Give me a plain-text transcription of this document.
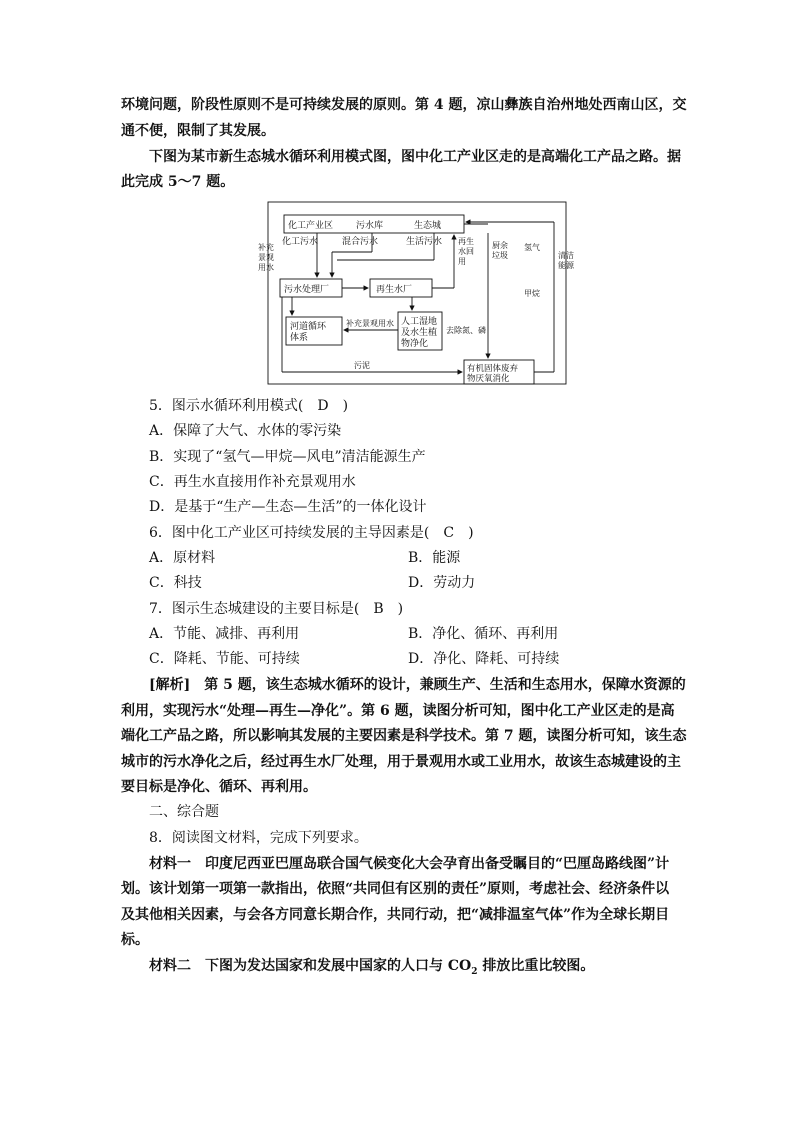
环境问题，阶段性原则不是可持续发展的原则。第 4 题，凉山彝族自治州地处西南山区，交
通不便，限制了其发展。
下图为某市新生态城水循环利用模式图，图中化工产业区走的是高端化工产品之路。据
此完成 5～7 题。
化工产业区	污水库	生态城
化工污水	混合污水	生活污水 再生
水回
用
厨余
垃圾
氢气
甲烷
清洁
能源
补充
景观
用水
污水处理厂	再生水厂
河道循环
体系
补充景观用水 人工湿地
及水生植
物净化
去除氮、磷
污泥	有机固体废弃
物厌氧消化
5．图示水循环利用模式(　D　)
A．保障了大气、水体的零污染
B．实现了“氢气—甲烷—风电”清洁能源生产
C．再生水直接用作补充景观用水
D．是基于“生产—生态—生活”的一体化设计
6．图中化工产业区可持续发展的主导因素是(　C　)
A．原材料	B．能源
C．科技	D．劳动力
7．图示生态城建设的主要目标是(　B　)
A．节能、减排、再利用	B．净化、循环、再利用
C．降耗、节能、可持续	D．净化、降耗、可持续
[解析]　第 5 题，该生态城水循环的设计，兼顾生产、生活和生态用水，保障水资源的
利用，实现污水“处理—再生—净化”。第 6 题，读图分析可知，图中化工产业区走的是高
端化工产品之路，所以影响其发展的主要因素是科学技术。第 7 题，读图分析可知，该生态
城市的污水净化之后，经过再生水厂处理，用于景观用水或工业用水，故该生态城建设的主
要目标是净化、循环、再利用。
二、综合题
8．阅读图文材料，完成下列要求。
材料一　印度尼西亚巴厘岛联合国气候变化大会孕育出备受瞩目的“巴厘岛路线图”计
划。该计划第一项第一款指出，依照“共同但有区别的责任”原则，考虑社会、经济条件以
及其他相关因素，与会各方同意长期合作，共同行动，把“减排温室气体”作为全球长期目
标。
材料二　下图为发达国家和发展中国家的人口与 $CO_2$ 排放比重比较图。
